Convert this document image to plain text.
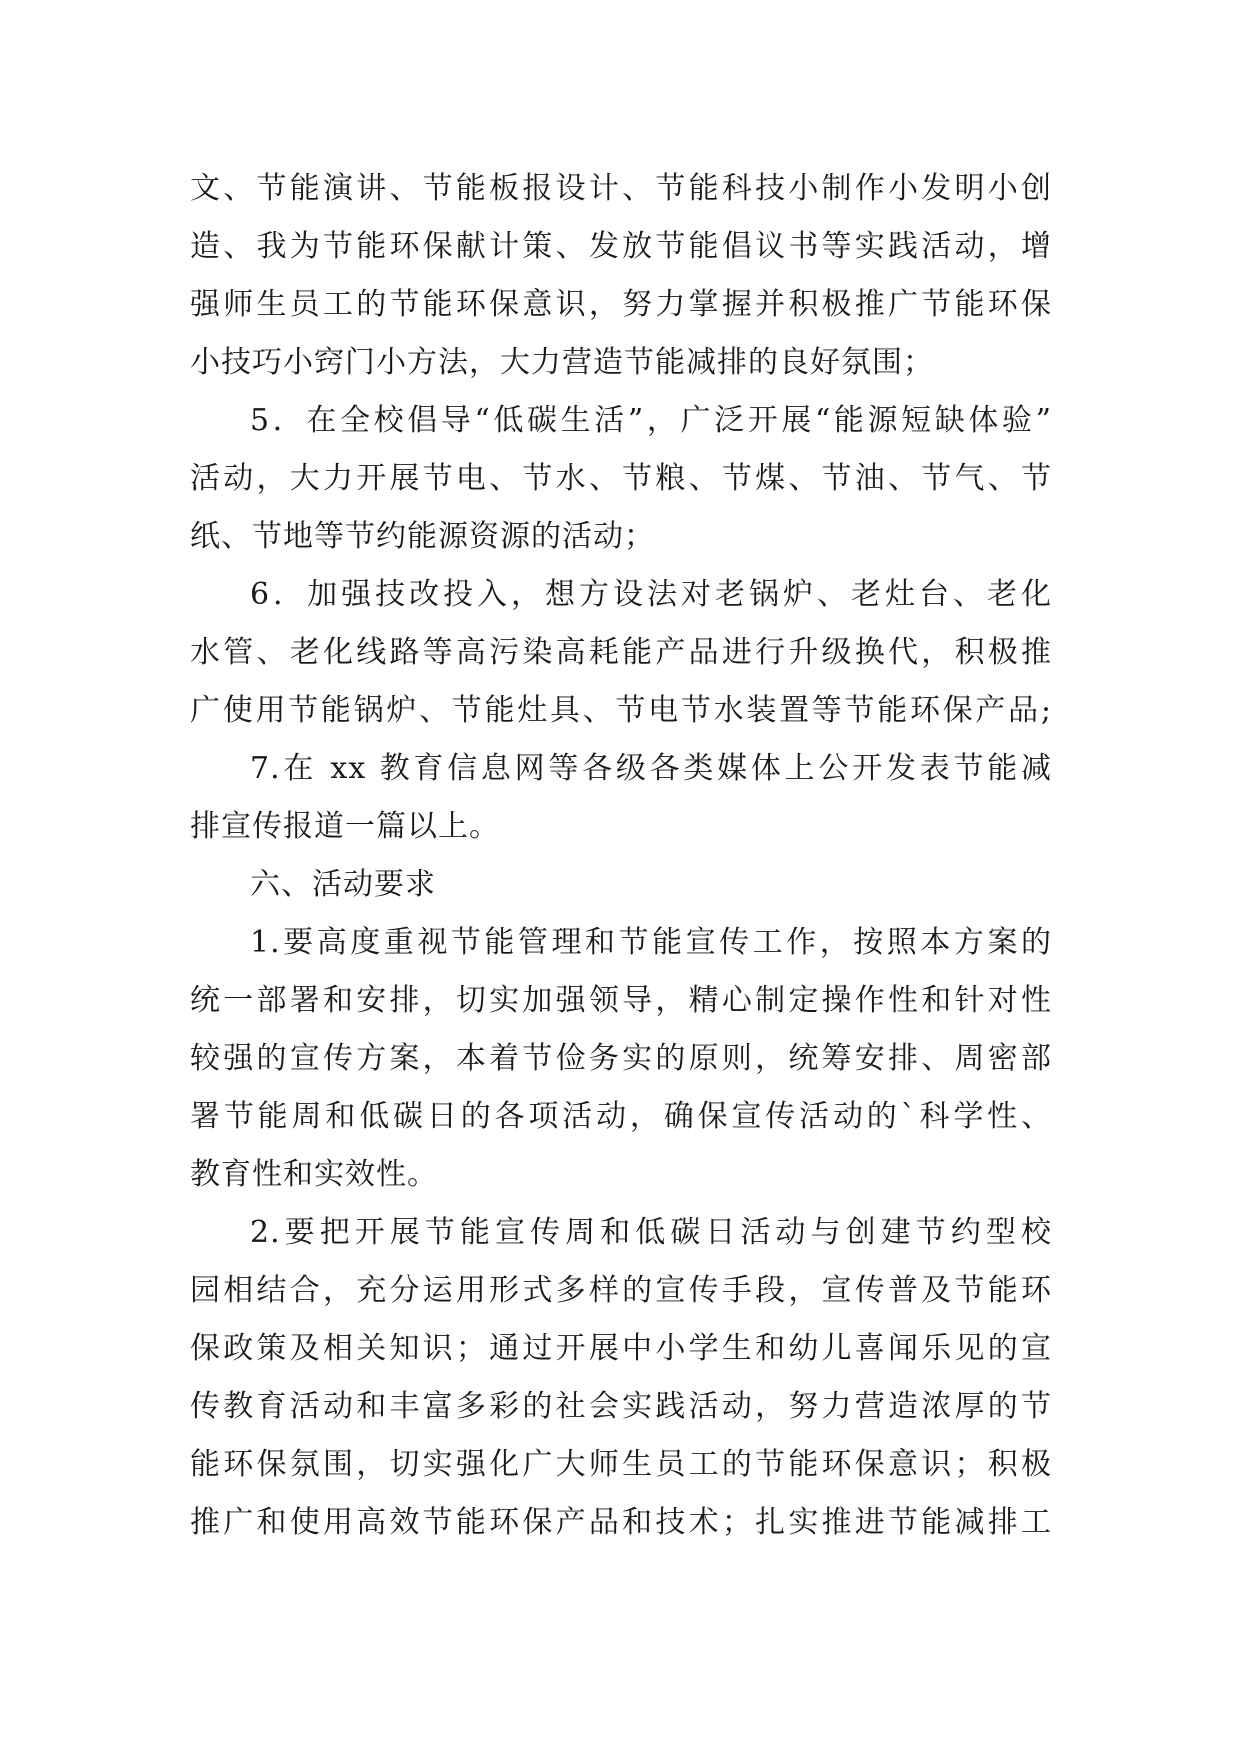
文、节能演讲、节能板报设计、节能科技小制作小发明小创
造、我为节能环保献计策、发放节能倡议书等实践活动，增
强师生员工的节能环保意识，努力掌握并积极推广节能环保
小技巧小窍门小方法，大力营造节能减排的良好氛围；
5．在全校倡导“低碳生活”，广泛开展“能源短缺体验”
活动，大力开展节电、节水、节粮、节煤、节油、节气、节
纸、节地等节约能源资源的活动；
6．加强技改投入，想方设法对老锅炉、老灶台、老化
水管、老化线路等高污染高耗能产品进行升级换代，积极推
广使用节能锅炉、节能灶具、节电节水装置等节能环保产品;
7.在 xx 教育信息网等各级各类媒体上公开发表节能减
排宣传报道一篇以上。
六、活动要求
1.要高度重视节能管理和节能宣传工作，按照本方案的
统一部署和安排，切实加强领导，精心制定操作性和针对性
较强的宣传方案，本着节俭务实的原则，统筹安排、周密部
署节能周和低碳日的各项活动，确保宣传活动的`科学性、
教育性和实效性。
2.要把开展节能宣传周和低碳日活动与创建节约型校
园相结合，充分运用形式多样的宣传手段，宣传普及节能环
保政策及相关知识；通过开展中小学生和幼儿喜闻乐见的宣
传教育活动和丰富多彩的社会实践活动，努力营造浓厚的节
能环保氛围，切实强化广大师生员工的节能环保意识；积极
推广和使用高效节能环保产品和技术；扎实推进节能减排工
